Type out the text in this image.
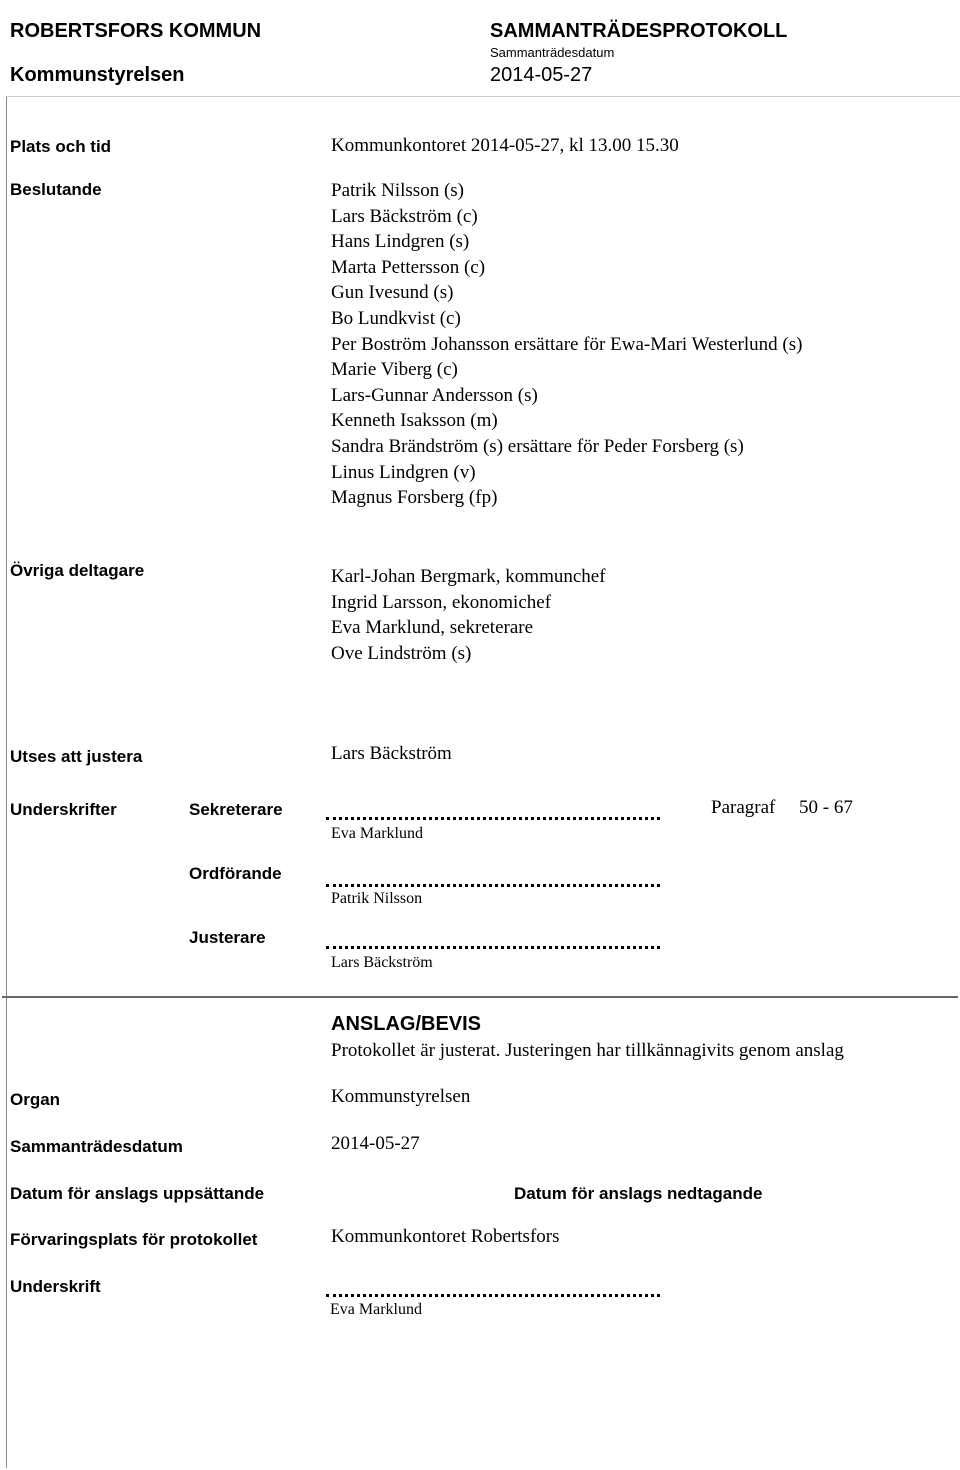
ROBERTSFORS KOMMUN
Kommunstyrelsen
SAMMANTRÄDESPROTOKOLL
Sammanträdesdatum
2014-05-27
Plats och tid	Kommunkontoret 2014-05-27, kl 13.00 15.30
Beslutande	Patrik Nilsson (s)
Lars Bäckström (c)
Hans Lindgren (s)
Marta Pettersson (c)
Gun Ivesund (s)
Bo Lundkvist (c)
Per Boström Johansson ersättare för Ewa-Mari Westerlund (s)
Marie Viberg (c)
Lars-Gunnar Andersson (s)
Kenneth Isaksson (m)
Sandra Brändström (s) ersättare för Peder Forsberg (s)
Linus Lindgren (v)
Magnus Forsberg (fp)
Övriga deltagare	Karl-Johan Bergmark, kommunchef
Ingrid Larsson, ekonomichef
Eva Marklund, sekreterare
Ove Lindström (s)
Utses att justera	Lars Bäckström
Underskrifter	Sekreterare
Eva Marklund
Paragraf 50 - 67
Ordförande
Patrik Nilsson
Justerare
Lars Bäckström
ANSLAG/BEVIS
Protokollet är justerat. Justeringen har tillkännagivits genom anslag
Organ	Kommunstyrelsen
Sammanträdesdatum	2014-05-27
Datum för anslags uppsättande	Datum för anslags nedtagande
Förvaringsplats för protokollet	Kommunkontoret Robertsfors
Underskrift
Eva Marklund
